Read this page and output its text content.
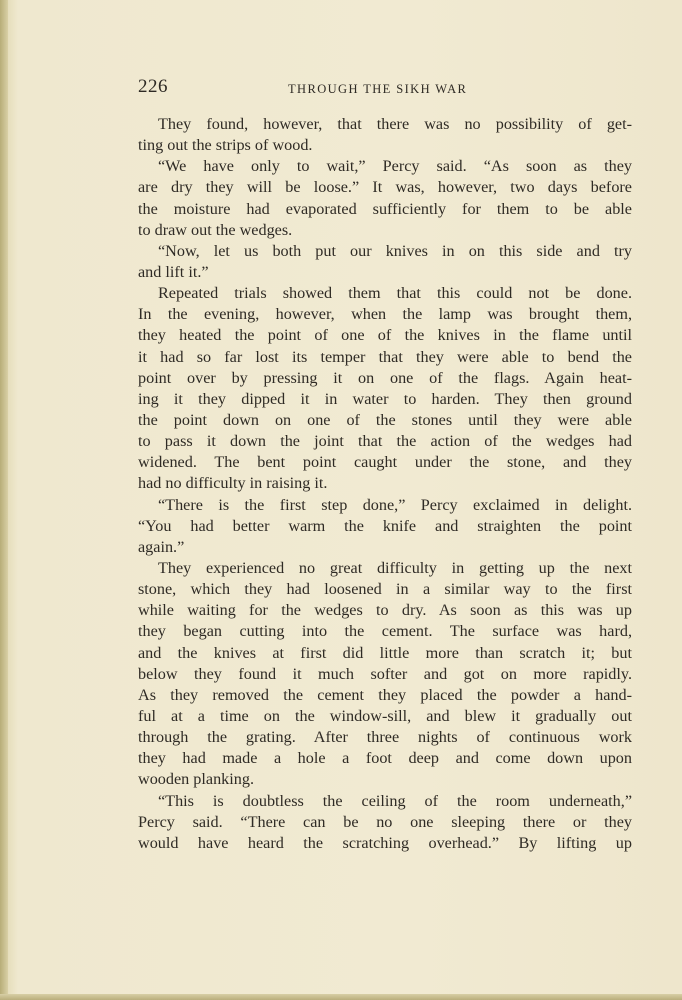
226	THROUGH THE SIKH WAR
They found, however, that there was no possibility of get-
ting out the strips of wood.
“We have only to wait,” Percy said. “As soon as they
are dry they will be loose.” It was, however, two days before
the moisture had evaporated sufficiently for them to be able
to draw out the wedges.
“Now, let us both put our knives in on this side and try
and lift it.”
Repeated trials showed them that this could not be done.
In the evening, however, when the lamp was brought them,
they heated the point of one of the knives in the flame until
it had so far lost its temper that they were able to bend the
point over by pressing it on one of the flags. Again heat-
ing it they dipped it in water to harden. They then ground
the point down on one of the stones until they were able
to pass it down the joint that the action of the wedges had
widened. The bent point caught under the stone, and they
had no difficulty in raising it.
“There is the first step done,” Percy exclaimed in delight.
“You had better warm the knife and straighten the point
again.”
They experienced no great difficulty in getting up the next
stone, which they had loosened in a similar way to the first
while waiting for the wedges to dry. As soon as this was up
they began cutting into the cement. The surface was hard,
and the knives at first did little more than scratch it; but
below they found it much softer and got on more rapidly.
As they removed the cement they placed the powder a hand-
ful at a time on the window-sill, and blew it gradually out
through the grating. After three nights of continuous work
they had made a hole a foot deep and come down upon
wooden planking.
“This is doubtless the ceiling of the room underneath,”
Percy said. “There can be no one sleeping there or they
would have heard the scratching overhead.” By lifting up
